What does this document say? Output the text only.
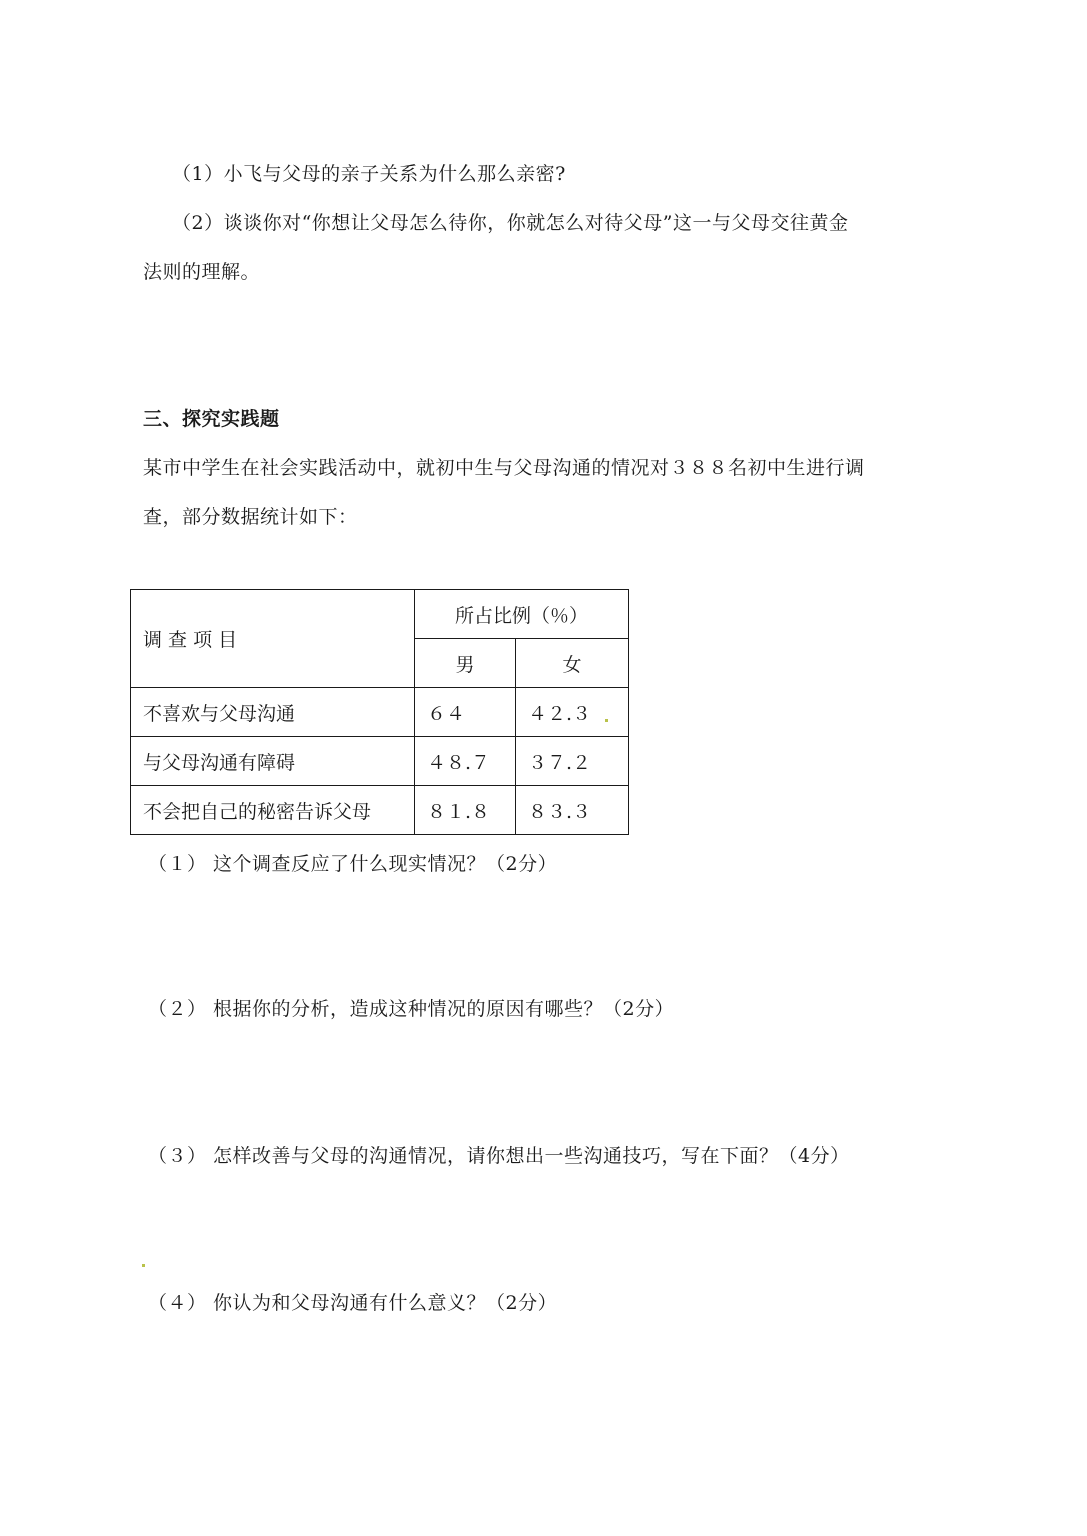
（1）小飞与父母的亲子关系为什么那么亲密?
（2）谈谈你对“你想让父母怎么待你，你就怎么对待父母”这一与父母交往黄金
法则的理解。
三、探究实践题
某市中学生在社会实践活动中，就初中生与父母沟通的情况对３８８名初中生进行调
查，部分数据统计如下：
调 查 项 目	所占比例（％）	
	男	女
不喜欢与父母沟通	６４	４２.３
与父母沟通有障碍	４８.７	３７.２
不会把自己的秘密告诉父母	８１.８	８３.３
（１） 这个调查反应了什么现实情况？（2分）
（２） 根据你的分析，造成这种情况的原因有哪些？（2分）
（３） 怎样改善与父母的沟通情况，请你想出一些沟通技巧，写在下面？（4分）
（４） 你认为和父母沟通有什么意义？（2分）
